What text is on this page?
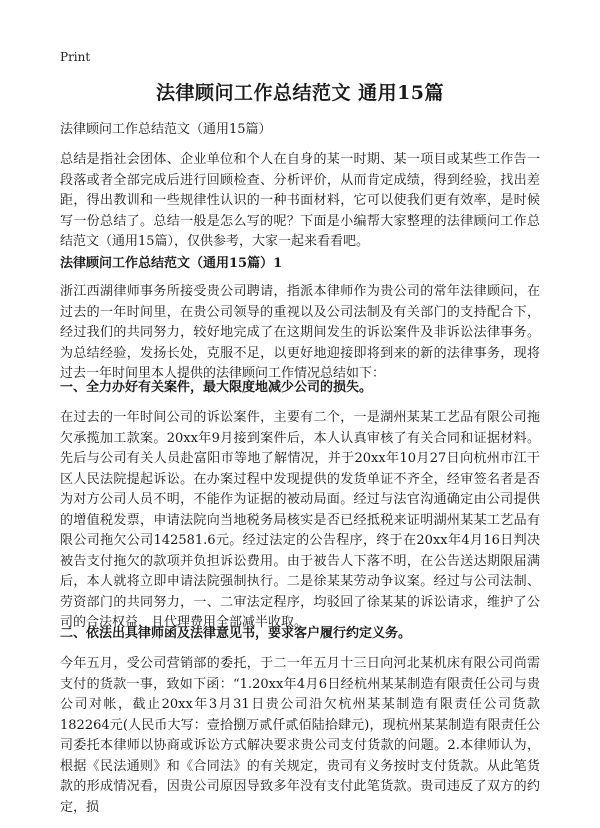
Print
法律顾问工作总结范文 通用15篇

法律顾问工作总结范文（通用15篇）

总结是指社会团体、企业单位和个人在自身的某一时期、某一项目或某些工作告一段落或者全部完成后进行回顾检查、分析评价，从而肯定成绩，得到经验，找出差距，得出教训和一些规律性认识的一种书面材料，它可以使我们更有效率，是时候写一份总结了。总结一般是怎么写的呢？下面是小编帮大家整理的法律顾问工作总结范文（通用15篇），仅供参考，大家一起来看看吧。

法律顾问工作总结范文（通用15篇）1

浙江西湖律师事务所接受贵公司聘请，指派本律师作为贵公司的常年法律顾问，在过去的一年时间里，在贵公司领导的重视以及公司法制及有关部门的支持配合下，经过我们的共同努力，较好地完成了在这期间发生的诉讼案件及非诉讼法律事务。为总结经验，发扬长处，克服不足，以更好地迎接即将到来的新的法律事务，现将过去一年时间里本人提供的法律顾问工作情况总结如下：

一、全力办好有关案件，最大限度地减少公司的损失。

在过去的一年时间公司的诉讼案件，主要有二个，一是湖州某某工艺品有限公司拖欠承揽加工款案。20xx年9月接到案件后，本人认真审核了有关合同和证据材料。先后与公司有关人员赴富阳市等地了解情况，并于20xx年10月27日向杭州市江干区人民法院提起诉讼。在办案过程中发现提供的发货单证不齐全，经审签名者是否为对方公司人员不明，不能作为证据的被动局面。经过与法官沟通确定由公司提供的增值税发票，申请法院向当地税务局核实是否已经抵税来证明湖州某某工艺品有限公司拖欠公司142581.6元。经过法定的公告程序，终于在20xx年4月16日判决被告支付拖欠的款项并负担诉讼费用。由于被告人下落不明，在公告送达期限届满后，本人就将立即申请法院强制执行。二是徐某某劳动争议案。经过与公司法制、劳资部门的共同努力，一、二审法定程序，均驳回了徐某某的诉讼请求，维护了公司的合法权益，且代理费用全部减半收取。

二、依法出具律师函及法律意见书，要求客户履行约定义务。

今年五月，受公司营销部的委托，于二一年五月十三日向河北某机床有限公司尚需支付的货款一事，致如下函：“1.20xx年4月6日经杭州某某制造有限责任公司与贵公司对帐，截止20xx年3月31日贵公司沿欠杭州某某制造有限责任公司货款182264元(人民币大写：壹拾捌万贰仟贰佰陆拾肆元)，现杭州某某制造有限责任公司委托本律师以协商或诉讼方式解决要求贵公司支付货款的问题。2.本律师认为，根据《民法通则》和《合同法》的有关规定，贵司有义务按时支付货款。从此笔货款的形成情况看，因贵公司原因导致多年没有支付此笔货款。贵司违反了双方的约定，损
